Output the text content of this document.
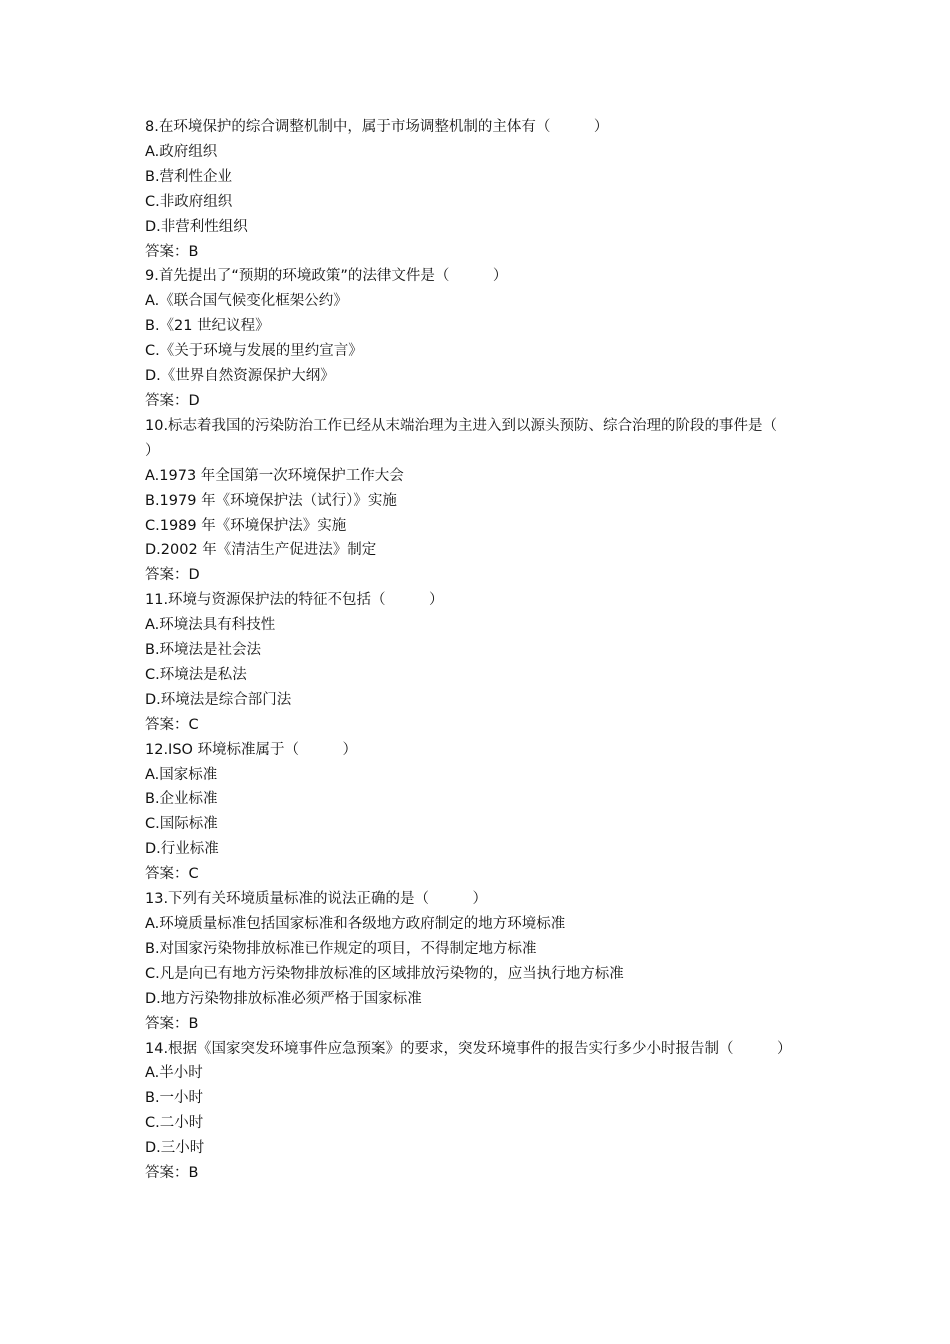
8.在环境保护的综合调整机制中，属于市场调整机制的主体有（　　　）
A.政府组织
B.营利性企业
C.非政府组织
D.非营利性组织
答案：B
9.首先提出了“预期的环境政策”的法律文件是（　　　）
A.《联合国气候变化框架公约》
B.《21 世纪议程》
C.《关于环境与发展的里约宣言》
D.《世界自然资源保护大纲》
答案：D
10.标志着我国的污染防治工作已经从末端治理为主进入到以源头预防、综合治理的阶段的事件是（　　　）
A.1973 年全国第一次环境保护工作大会
B.1979 年《环境保护法（试行）》实施
C.1989 年《环境保护法》实施
D.2002 年《清洁生产促进法》制定
答案：D
11.环境与资源保护法的特征不包括（　　　）
A.环境法具有科技性
B.环境法是社会法
C.环境法是私法
D.环境法是综合部门法
答案：C
12.ISO 环境标准属于（　　　）
A.国家标准
B.企业标准
C.国际标准
D.行业标准
答案：C
13.下列有关环境质量标准的说法正确的是（　　　）
A.环境质量标准包括国家标准和各级地方政府制定的地方环境标准
B.对国家污染物排放标准已作规定的项目，不得制定地方标准
C.凡是向已有地方污染物排放标准的区域排放污染物的，应当执行地方标准
D.地方污染物排放标准必须严格于国家标准
答案：B
14.根据《国家突发环境事件应急预案》的要求，突发环境事件的报告实行多少小时报告制（　　　）
A.半小时
B.一小时
C.二小时
D.三小时
答案：B
